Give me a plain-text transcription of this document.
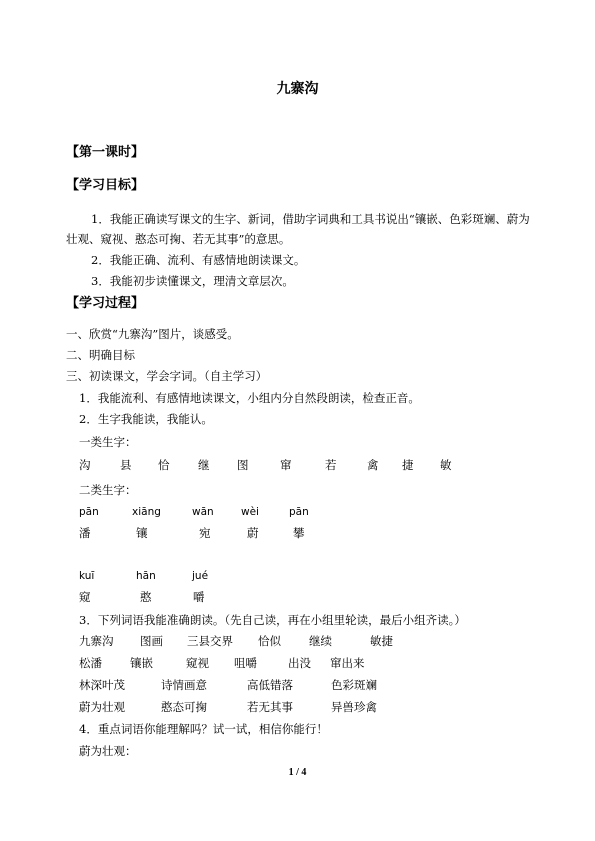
九寨沟
【第一课时】
【学习目标】
1．我能正确读写课文的生字、新词，借助字词典和工具书说出“镶嵌、色彩斑斓、蔚为
壮观、窥视、憨态可掬、若无其事”的意思。
2．我能正确、流利、有感情地朗读课文。
3．我能初步读懂课文，理清文章层次。
【学习过程】
一、欣赏“九寨沟”图片，谈感受。
二、明确目标
三、初读课文，学会字词。（自主学习）
1．我能流利、有感情地读课文，小组内分自然段朗读，检查正音。
2．生字我能读，我能认。
一类生字：
沟	县 恰 继 图	窜	若	禽 捷 敏
二类生字：
pān	xiāng	wān	wèi	pān
潘	镶	宛	蔚	攀
kuī	hān	jué
窥	憨	嚼
3．下列词语我能准确朗读。（先自己读，再在小组里轮读，最后小组齐读。）
九寨沟 图画 三县交界 恰似 继续	敏捷
松潘 镶嵌	窥视 咀嚼	出没 窜出来
林深叶茂	诗情画意	高低错落	色彩斑斓
蔚为壮观	憨态可掬	若无其事	异兽珍禽
4．重点词语你能理解吗？试一试，相信你能行！
蔚为壮观：
1 / 4
